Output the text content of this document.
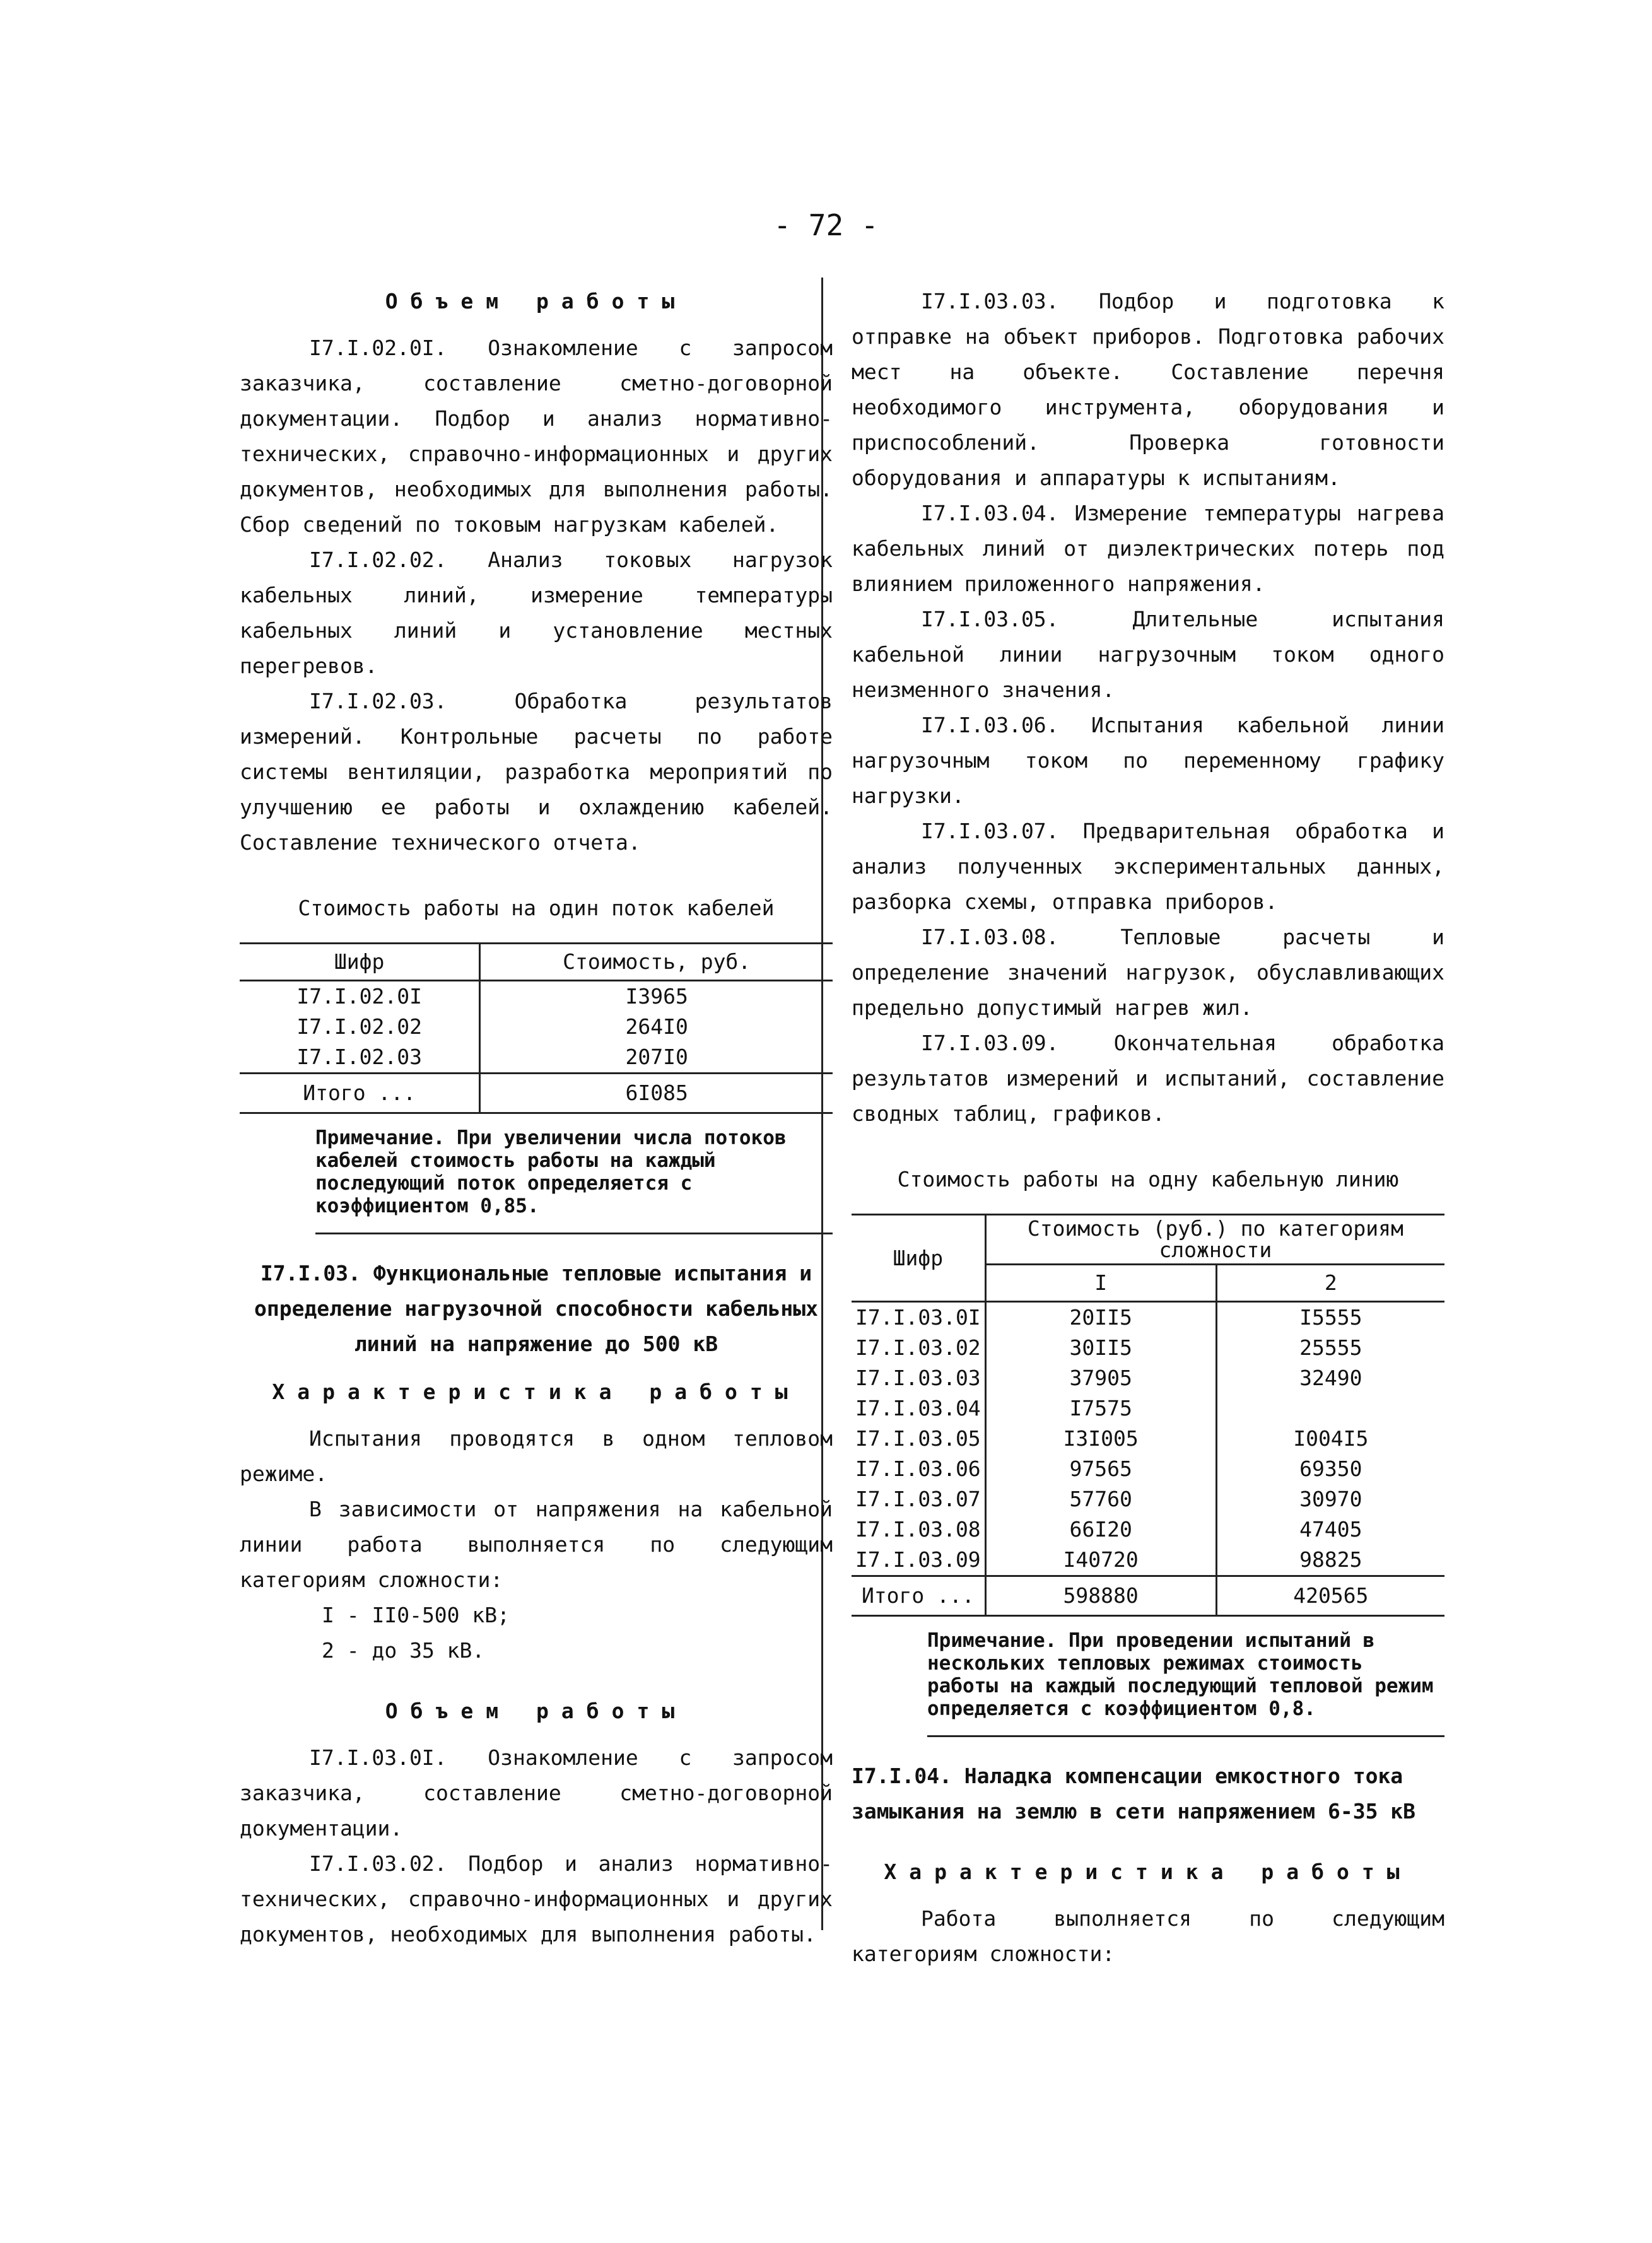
- 72 -
Объем работы

I7.I.02.0I. Ознакомление с запросом заказчика, составление сметно-договорной документации. Подбор и анализ нормативно-технических, справочно-информационных и других документов, необходимых для выполнения работы. Сбор сведений по токовым нагрузкам кабелей.

I7.I.02.02. Анализ токовых нагрузок кабельных линий, измерение температуры кабельных линий и установление местных перегревов.

I7.I.02.03. Обработка результатов измерений. Контрольные расчеты по работе системы вентиляции, разработка мероприятий по улучшению ее работы и охлаждению кабелей. Составление технического отчета.

Стоимость работы на один поток кабелей
Шифр	Стоимость, руб.
I7.I.02.0I	I3965
I7.I.02.02	264I0
I7.I.02.03	207I0
Итого ...	6I085
Примечание. При увеличении числа потоков кабелей стоимость работы на каждый последующий поток определяется с коэффициентом 0,85.
I7.I.03. Функциональные тепловые испытания и определение нагрузочной способности кабельных линий на напряжение до 500 кВ
Характеристика работы

Испытания проводятся в одном тепловом режиме.

В зависимости от напряжения на кабельной линии работа выполняется по следующим категориям сложности:

I - II0-500 кВ;
2 - до 35 кВ.
Объем работы

I7.I.03.0I. Ознакомление с запросом заказчика, составление сметно-договорной документации.

I7.I.03.02. Подбор и анализ нормативно-технических, справочно-информационных и других документов, необходимых для выполнения работы.

I7.I.03.03. Подбор и подготовка к отправке на объект приборов. Подготовка рабочих мест на объекте. Составление перечня необходимого инструмента, оборудования и приспособлений. Проверка готовности оборудования и аппаратуры к испытаниям.

I7.I.03.04. Измерение температуры нагрева кабельных линий от диэлектрических потерь под влиянием приложенного напряжения.

I7.I.03.05. Длительные испытания кабельной линии нагрузочным током одного неизменного значения.

I7.I.03.06. Испытания кабельной линии нагрузочным током по переменному графику нагрузки.

I7.I.03.07. Предварительная обработка и анализ полученных экспериментальных данных, разборка схемы, отправка приборов.

I7.I.03.08. Тепловые расчеты и определение значений нагрузок, обуславливающих предельно допустимый нагрев жил.

I7.I.03.09. Окончательная обработка результатов измерений и испытаний, составление сводных таблиц, графиков.

Стоимость работы на одну кабельную линию
Шифр	Стоимость (руб.) по категориям сложности	
	I	2
I7.I.03.0I	20II5	I5555
I7.I.03.02	30II5	25555
I7.I.03.03	37905	32490
I7.I.03.04	I7575	
I7.I.03.05	I3I005	I004I5
I7.I.03.06	97565	69350
I7.I.03.07	57760	30970
I7.I.03.08	66I20	47405
I7.I.03.09	I40720	98825
Итого ...	598880	420565
Примечание. При проведении испытаний в нескольких тепловых режимах стоимость работы на каждый последующий тепловой режим определяется с коэффициентом 0,8.
I7.I.04. Наладка компенсации емкостного тока замыкания на землю в сети напряжением 6-35 кВ
Характеристика работы

Работа выполняется по следующим категориям сложности:
